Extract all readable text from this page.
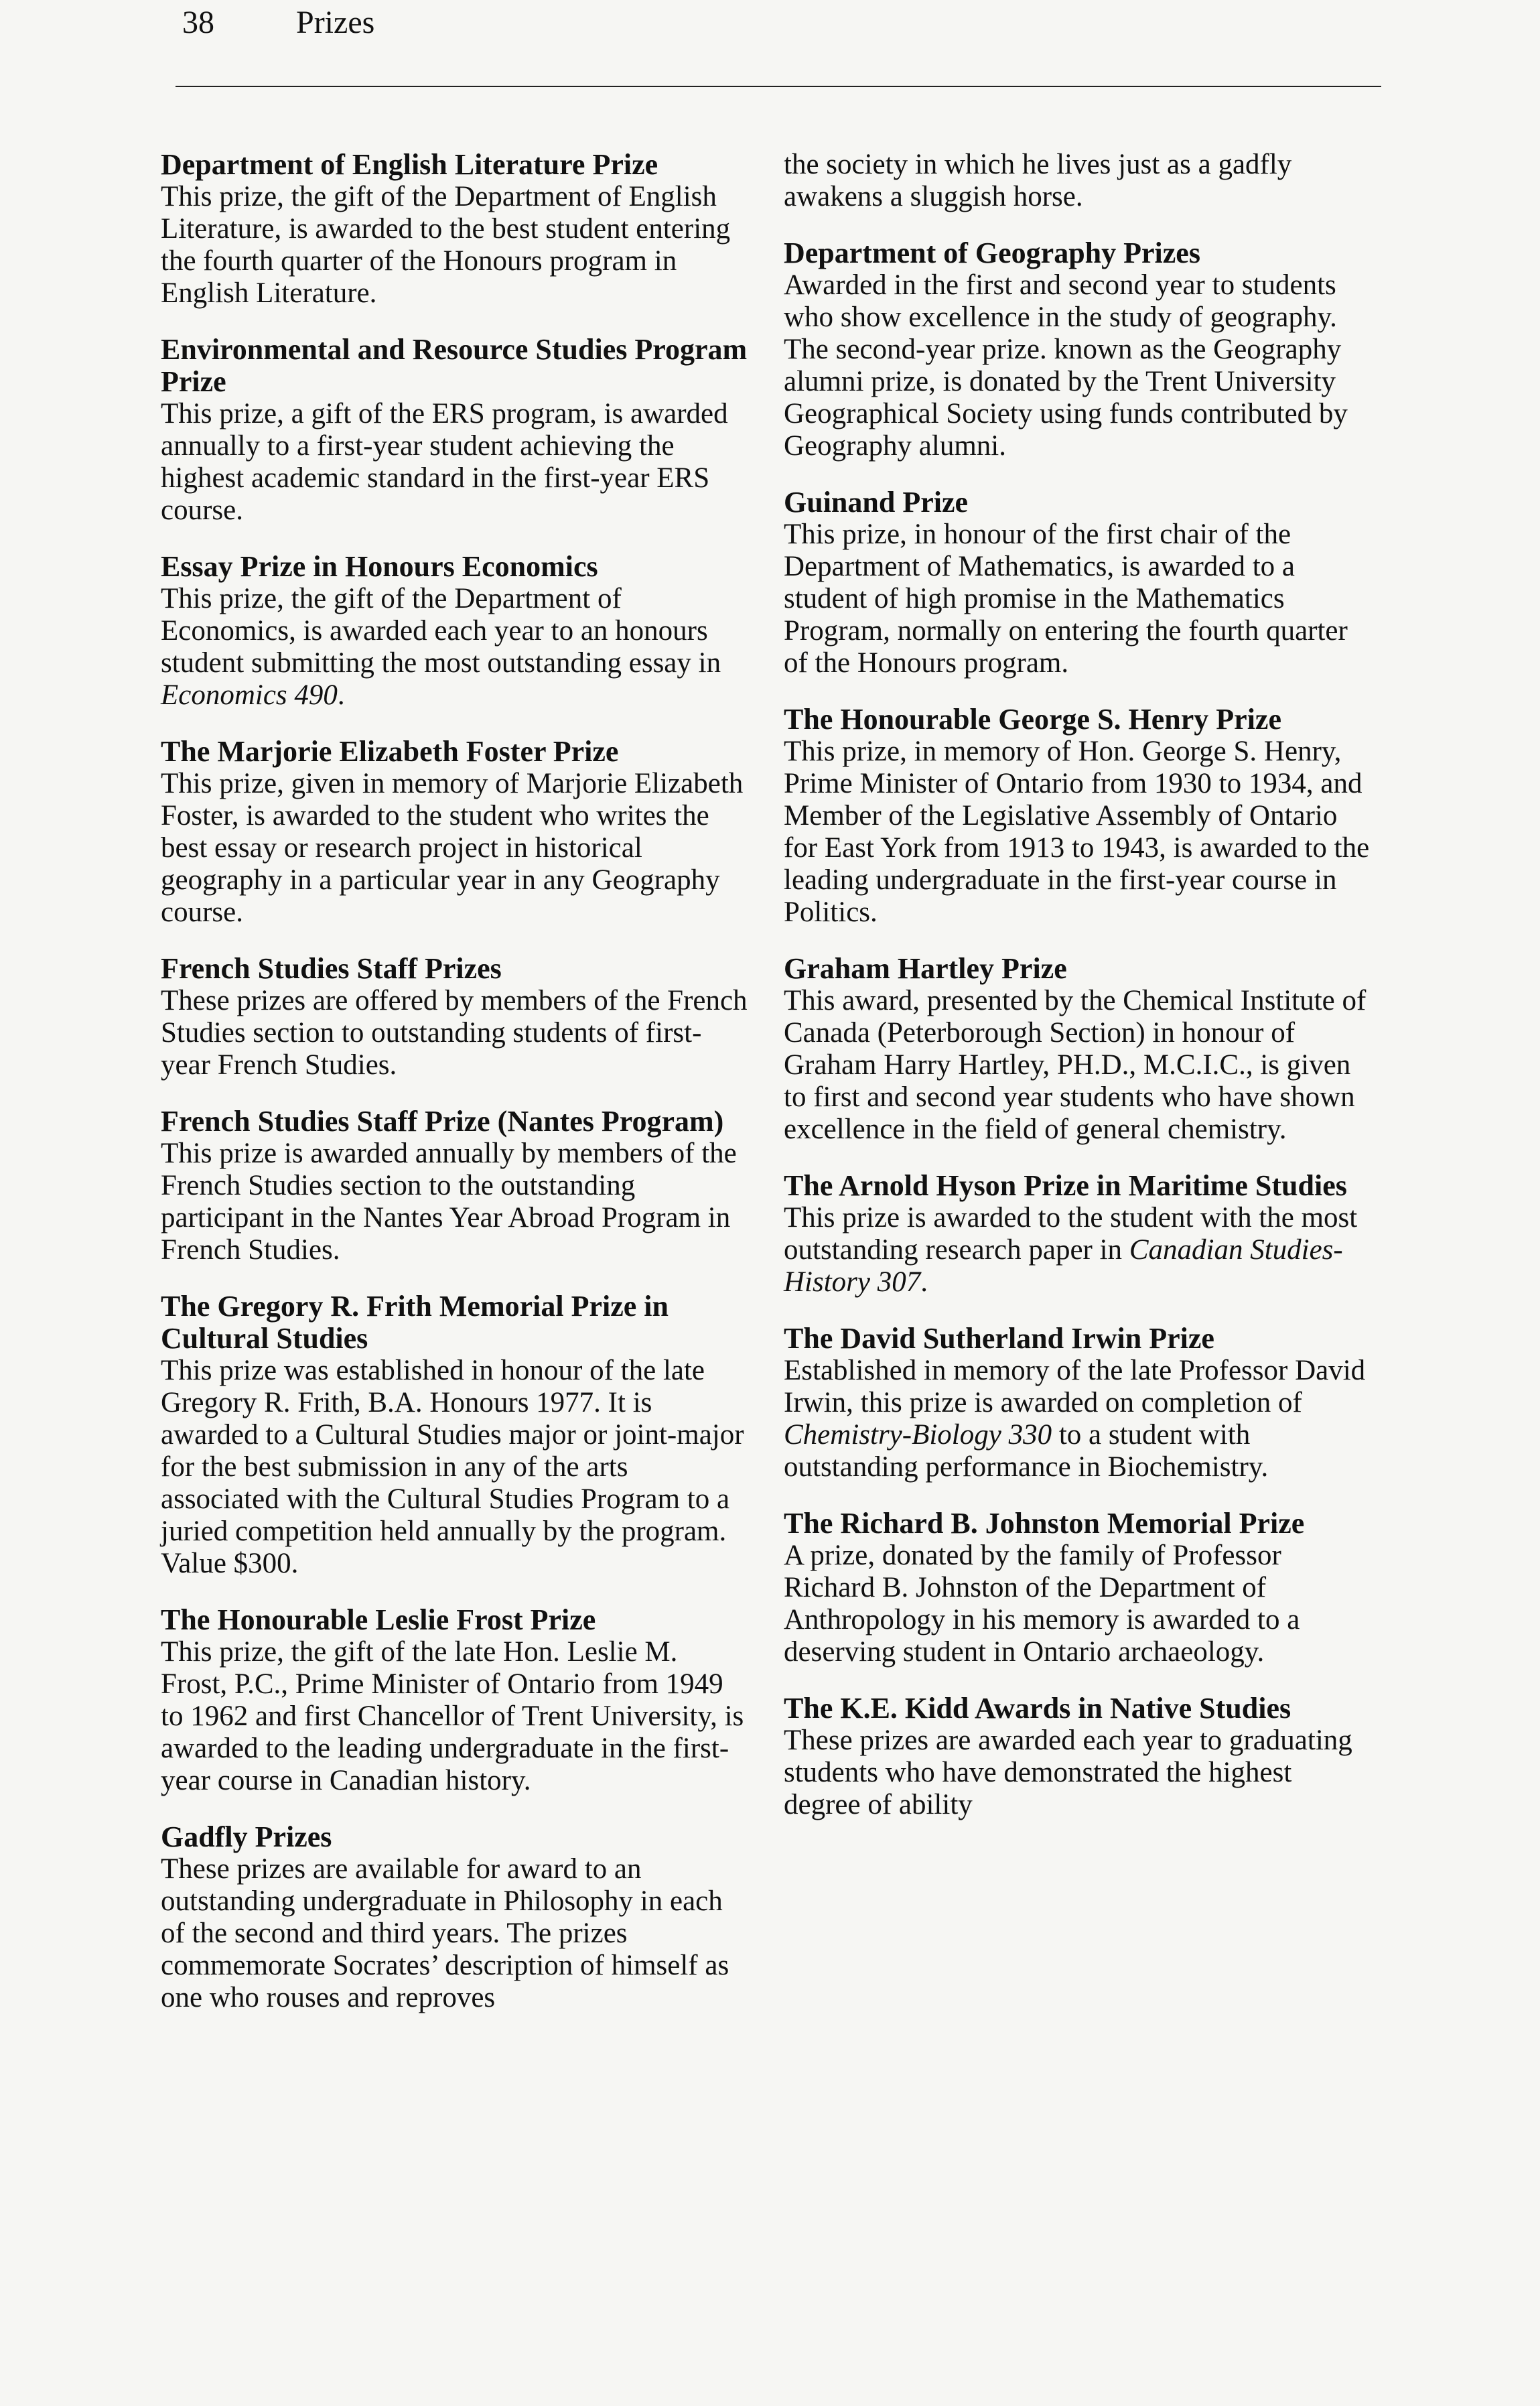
38	Prizes

Department of English Literature Prize

This prize, the gift of the Department of English Literature, is awarded to the best student entering the fourth quarter of the Honours program in English Literature.

Environmental and Resource Studies Program Prize

This prize, a gift of the ERS program, is awarded annually to a first-year student achieving the highest academic standard in the first-year ERS course.

Essay Prize in Honours Economics

This prize, the gift of the Department of Economics, is awarded each year to an honours student submitting the most outstanding essay in Economics 490.

The Marjorie Elizabeth Foster Prize

This prize, given in memory of Marjorie Elizabeth Foster, is awarded to the student who writes the best essay or research project in historical geography in a particular year in any Geography course.

French Studies Staff Prizes

These prizes are offered by members of the French Studies section to outstanding students of first-year French Studies.

French Studies Staff Prize (Nantes Program)

This prize is awarded annually by members of the French Studies section to the outstanding participant in the Nantes Year Abroad Program in French Studies.

The Gregory R. Frith Memorial Prize in Cultural Studies

This prize was established in honour of the late Gregory R. Frith, B.A. Honours 1977. It is awarded to a Cultural Studies major or joint-major for the best submission in any of the arts associated with the Cultural Studies Program to a juried competition held annually by the program. Value $300.

The Honourable Leslie Frost Prize

This prize, the gift of the late Hon. Leslie M. Frost, P.C., Prime Minister of Ontario from 1949 to 1962 and first Chancellor of Trent University, is awarded to the leading undergraduate in the first-year course in Canadian history.

Gadfly Prizes

These prizes are available for award to an outstanding undergraduate in Philosophy in each of the second and third years. The prizes commemorate Socrates’ description of himself as one who rouses and reproves

the society in which he lives just as a gadfly awakens a sluggish horse.

Department of Geography Prizes

Awarded in the first and second year to students who show excellence in the study of geography. The second-year prize. known as the Geography alumni prize, is donated by the Trent University Geographical Society using funds contributed by Geography alumni.

Guinand Prize

This prize, in honour of the first chair of the Department of Mathematics, is awarded to a student of high promise in the Mathematics Program, normally on entering the fourth quarter of the Honours program.

The Honourable George S. Henry Prize

This prize, in memory of Hon. George S. Henry, Prime Minister of Ontario from 1930 to 1934, and Member of the Legislative Assembly of Ontario for East York from 1913 to 1943, is awarded to the leading undergraduate in the first-year course in Politics.

Graham Hartley Prize

This award, presented by the Chemical Institute of Canada (Peterborough Section) in honour of Graham Harry Hartley, PH.D., M.C.I.C., is given to first and second year students who have shown excellence in the field of general chemistry.

The Arnold Hyson Prize in Maritime Studies

This prize is awarded to the student with the most outstanding research paper in Canadian Studies-History 307.

The David Sutherland Irwin Prize

Established in memory of the late Professor David Irwin, this prize is awarded on completion of Chemistry-Biology 330 to a student with outstanding performance in Biochemistry.

The Richard B. Johnston Memorial Prize

A prize, donated by the family of Professor Richard B. Johnston of the Department of Anthropology in his memory is awarded to a deserving student in Ontario archaeology.

The K.E. Kidd Awards in Native Studies

These prizes are awarded each year to graduating students who have demonstrated the highest degree of ability
